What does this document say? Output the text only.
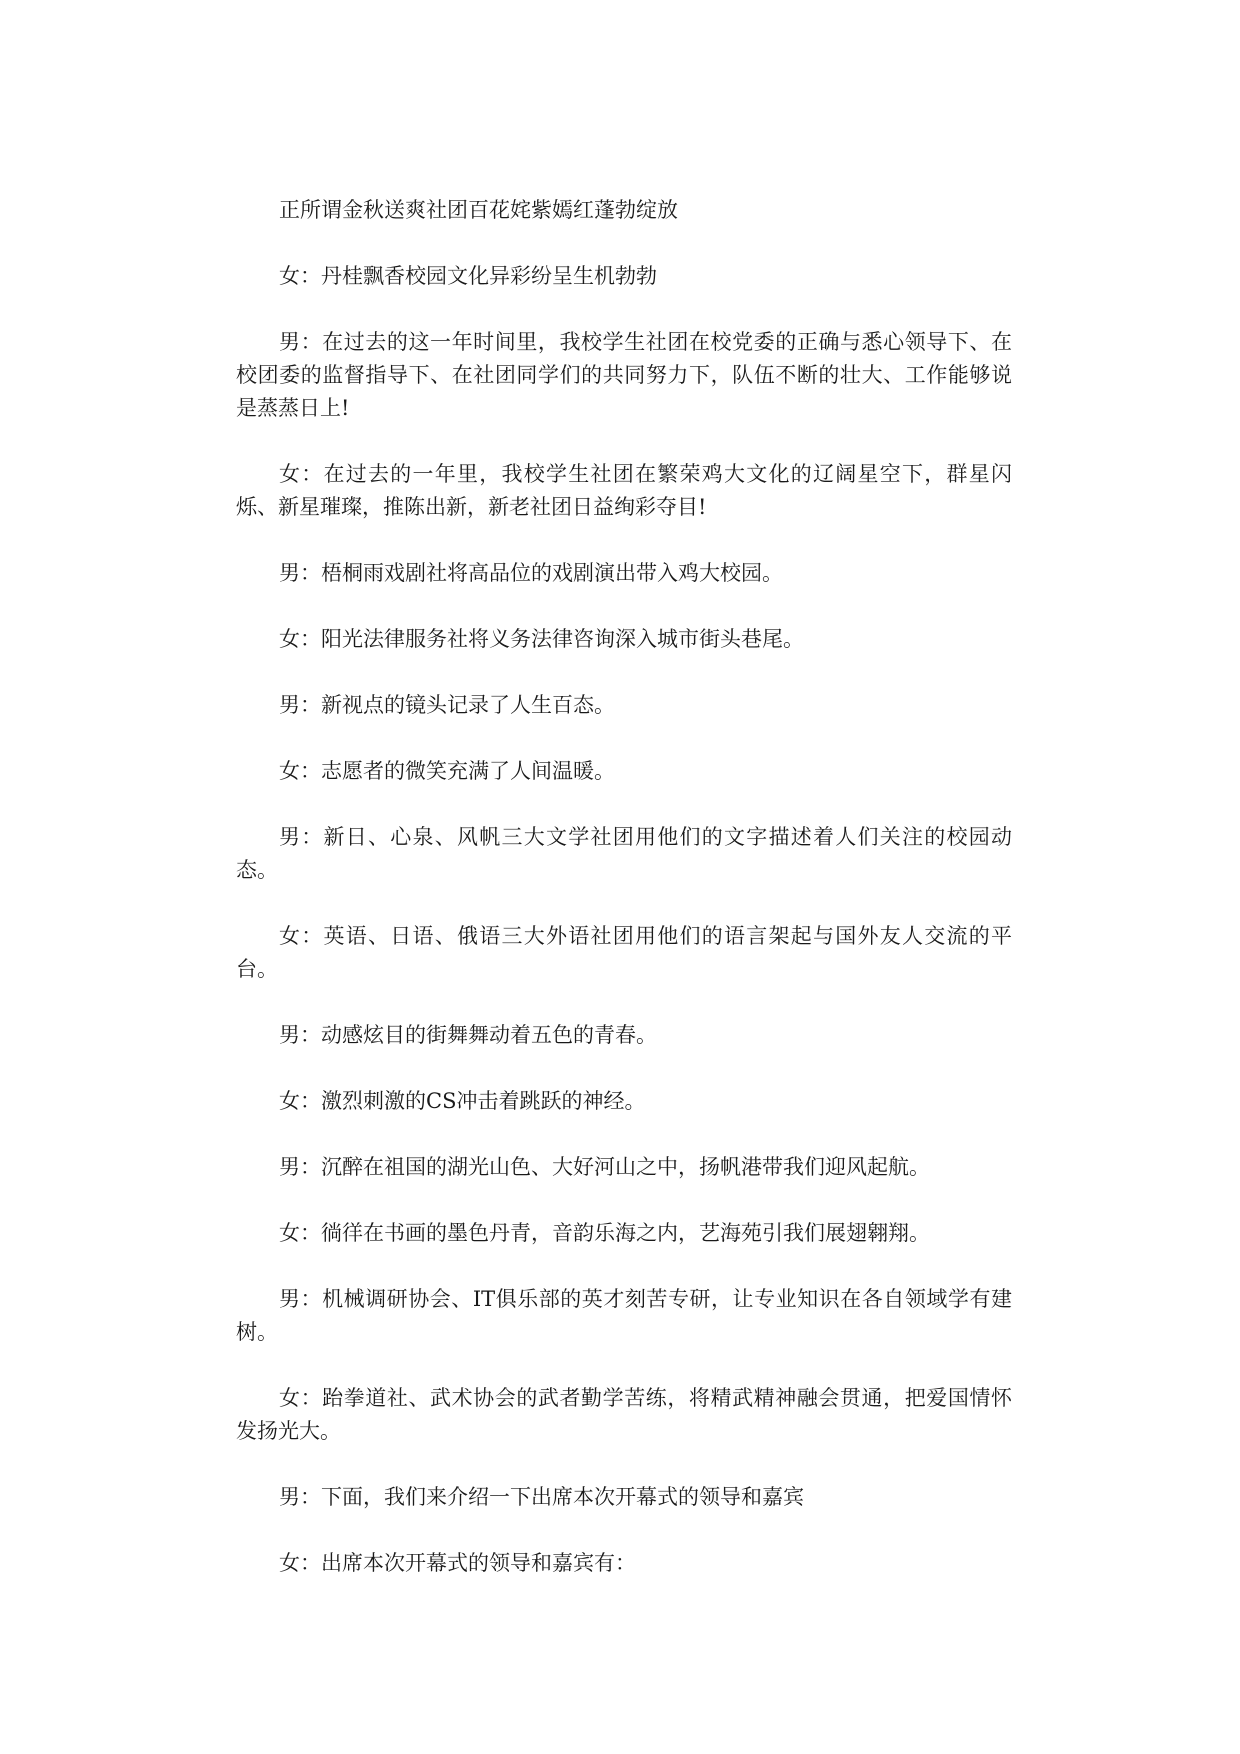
正所谓金秋送爽社团百花姹紫嫣红蓬勃绽放

女：丹桂飘香校园文化异彩纷呈生机勃勃

男：在过去的这一年时间里，我校学生社团在校党委的正确与悉心领导下、在校团委的监督指导下、在社团同学们的共同努力下，队伍不断的壮大、工作能够说是蒸蒸日上!

女：在过去的一年里，我校学生社团在繁荣鸡大文化的辽阔星空下，群星闪烁、新星璀璨，推陈出新，新老社团日益绚彩夺目!

男：梧桐雨戏剧社将高品位的戏剧演出带入鸡大校园。

女：阳光法律服务社将义务法律咨询深入城市街头巷尾。

男：新视点的镜头记录了人生百态。

女：志愿者的微笑充满了人间温暖。

男：新日、心泉、风帆三大文学社团用他们的文字描述着人们关注的校园动态。

女：英语、日语、俄语三大外语社团用他们的语言架起与国外友人交流的平台。

男：动感炫目的街舞舞动着五色的青春。

女：激烈刺激的CS冲击着跳跃的神经。

男：沉醉在祖国的湖光山色、大好河山之中，扬帆港带我们迎风起航。

女：徜徉在书画的墨色丹青，音韵乐海之内，艺海苑引我们展翅翱翔。

男：机械调研协会、IT俱乐部的英才刻苦专研，让专业知识在各自领域学有建树。

女：跆拳道社、武术协会的武者勤学苦练，将精武精神融会贯通，把爱国情怀发扬光大。

男：下面，我们来介绍一下出席本次开幕式的领导和嘉宾

女：出席本次开幕式的领导和嘉宾有：
